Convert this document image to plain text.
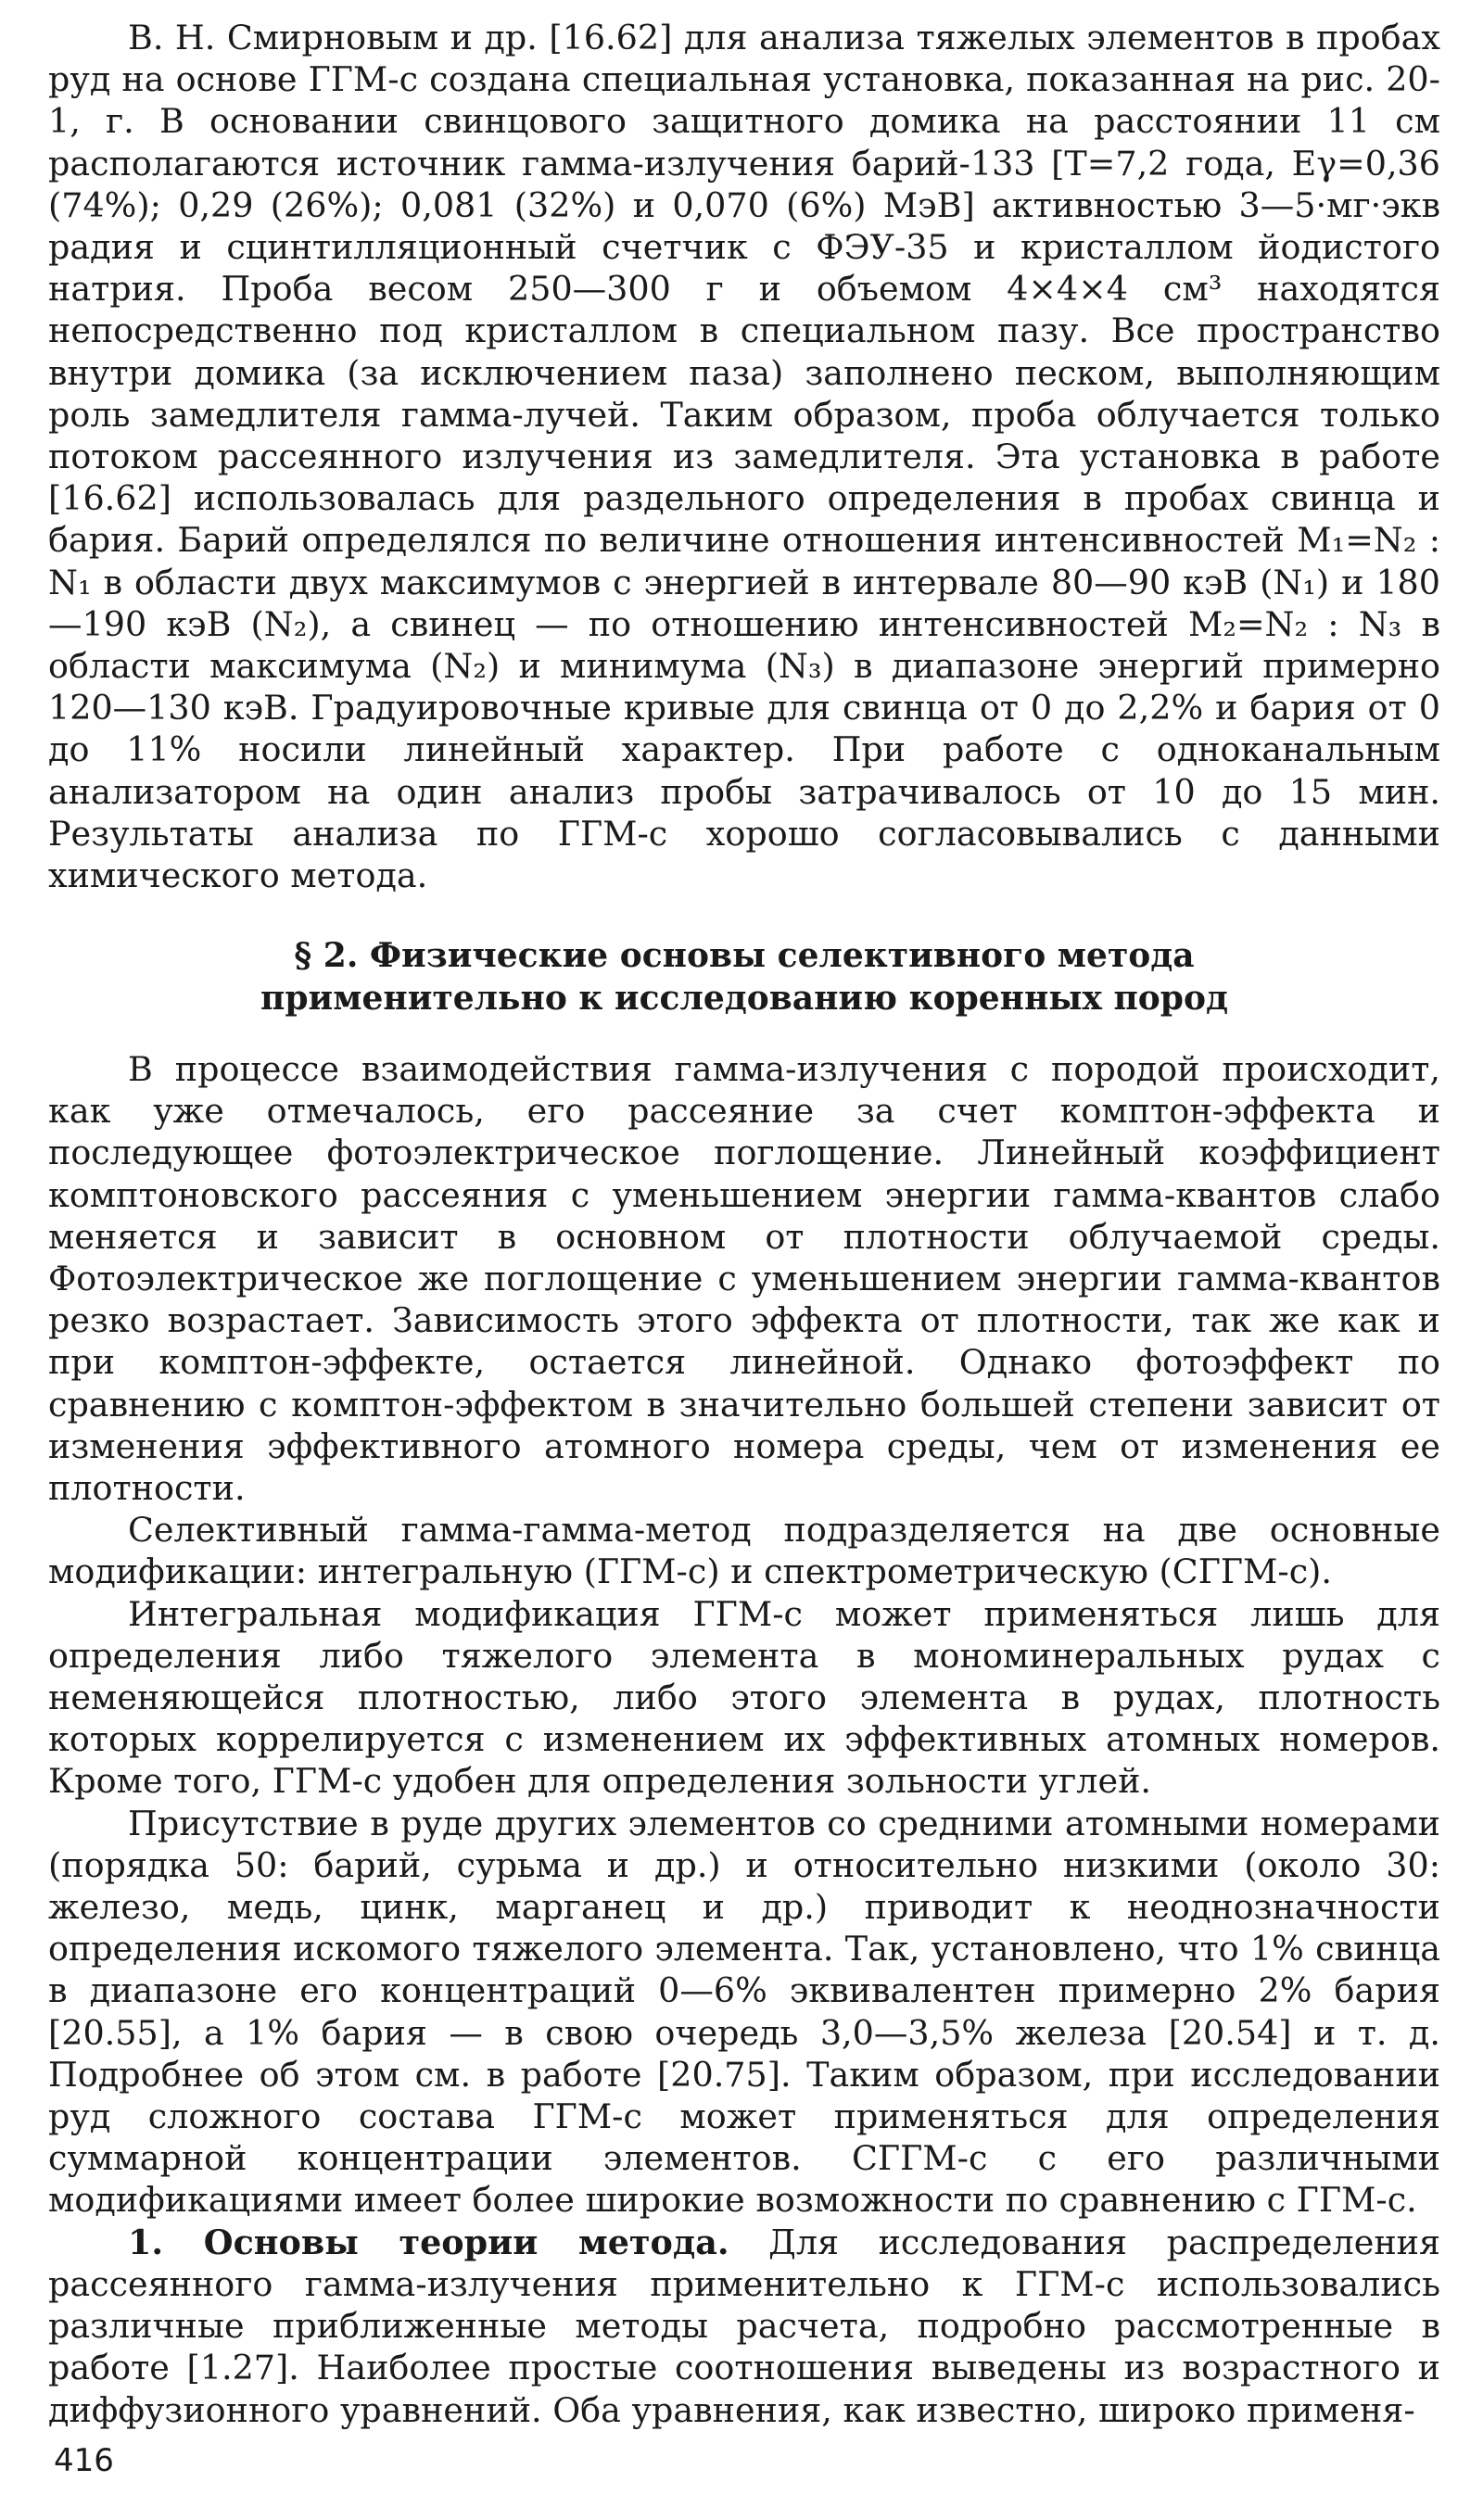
В. Н. Смирновым и др. [16.62] для анализа тяжелых элементов в пробах руд на основе ГГМ-с создана специальная установка, показанная на рис. 20-1, г. В основании свинцового защитного домика на расстоянии 11 см располагаются источник гамма-излучения барий-133 [T=7,2 года, Eγ=0,36 (74%); 0,29 (26%); 0,081 (32%) и 0,070 (6%) МэВ] активностью 3—5·мг·экв радия и сцинтилляционный счетчик с ФЭУ-35 и кристаллом йодистого натрия. Проба весом 250—300 г и объемом 4×4×4 см³ находятся непосредственно под кристаллом в специальном пазу. Все пространство внутри домика (за исключением паза) заполнено песком, выполняющим роль замедлителя гамма-лучей. Таким образом, проба облучается только потоком рассеянного излучения из замедлителя. Эта установка в работе [16.62] использовалась для раздельного определения в пробах свинца и бария. Барий определялся по величине отношения интенсивностей M₁=N₂ : N₁ в области двух максимумов с энергией в интервале 80—90 кэВ (N₁) и 180—190 кэВ (N₂), а свинец — по отношению интенсивностей M₂=N₂ : N₃ в области максимума (N₂) и минимума (N₃) в диапазоне энергий примерно 120—130 кэВ. Градуировочные кривые для свинца от 0 до 2,2% и бария от 0 до 11% носили линейный характер. При работе с одноканальным анализатором на один анализ пробы затрачивалось от 10 до 15 мин. Результаты анализа по ГГМ-с хорошо согласовывались с данными химического метода.

§ 2. Физические основы селективного метода
применительно к исследованию коренных пород

В процессе взаимодействия гамма-излучения с породой происходит, как уже отмечалось, его рассеяние за счет комптон-эффекта и последующее фотоэлектрическое поглощение. Линейный коэффициент комптоновского рассеяния с уменьшением энергии гамма-квантов слабо меняется и зависит в основном от плотности облучаемой среды. Фотоэлектрическое же поглощение с уменьшением энергии гамма-квантов резко возрастает. Зависимость этого эффекта от плотности, так же как и при комптон-эффекте, остается линейной. Однако фотоэффект по сравнению с комптон-эффектом в значительно большей степени зависит от изменения эффективного атомного номера среды, чем от изменения ее плотности.

Селективный гамма-гамма-метод подразделяется на две основные модификации: интегральную (ГГМ-с) и спектрометрическую (СГГМ-с).

Интегральная модификация ГГМ-с может применяться лишь для определения либо тяжелого элемента в мономинеральных рудах с неменяющейся плотностью, либо этого элемента в рудах, плотность которых коррелируется с изменением их эффективных атомных номеров. Кроме того, ГГМ-с удобен для определения зольности углей.

Присутствие в руде других элементов со средними атомными номерами (порядка 50: барий, сурьма и др.) и относительно низкими (около 30: железо, медь, цинк, марганец и др.) приводит к неоднозначности определения искомого тяжелого элемента. Так, установлено, что 1% свинца в диапазоне его концентраций 0—6% эквивалентен примерно 2% бария [20.55], а 1% бария — в свою очередь 3,0—3,5% железа [20.54] и т. д. Подробнее об этом см. в работе [20.75]. Таким образом, при исследовании руд сложного состава ГГМ-с может применяться для определения суммарной концентрации элементов. СГГМ-с с его различными модификациями имеет более широкие возможности по сравнению с ГГМ-с.

1. Основы теории метода. Для исследования распределения рассеянного гамма-излучения применительно к ГГМ-с использовались различные приближенные методы расчета, подробно рассмотренные в работе [1.27]. Наиболее простые соотношения выведены из возрастного и диффузионного уравнений. Оба уравнения, как известно, широко применя-

416
